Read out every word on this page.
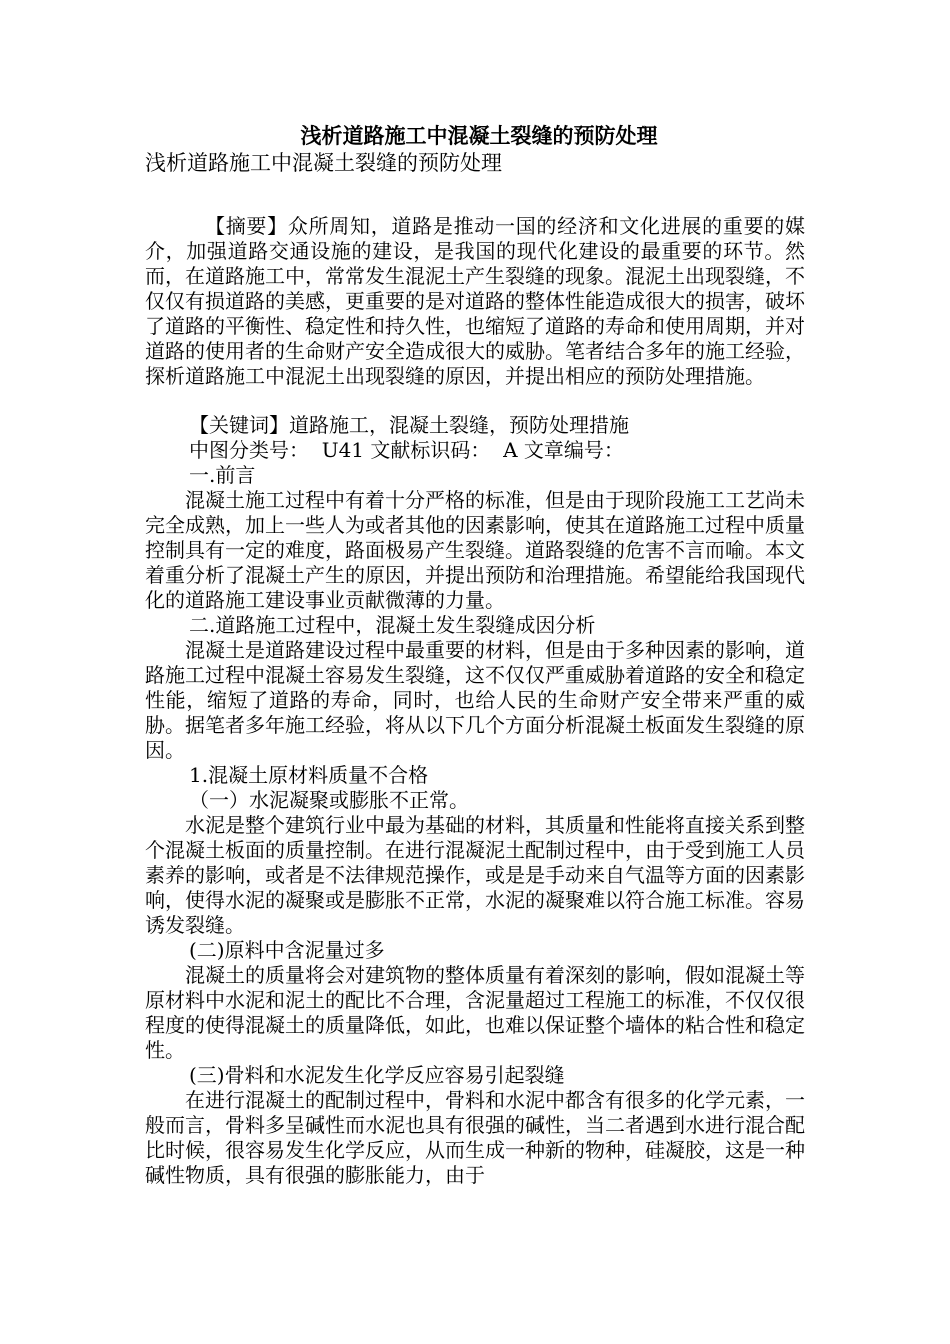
浅析道路施工中混凝土裂缝的预防处理

浅析道路施工中混凝土裂缝的预防处理

【摘要】众所周知，道路是推动一国的经济和文化进展的重要的媒介，加强道路交通设施的建设，是我国的现代化建设的最重要的环节。然而，在道路施工中，常常发生混泥土产生裂缝的现象。混泥土出现裂缝，不仅仅有损道路的美感，更重要的是对道路的整体性能造成很大的损害，破坏了道路的平衡性、稳定性和持久性，也缩短了道路的寿命和使用周期，并对道路的使用者的生命财产安全造成很大的威胁。笔者结合多年的施工经验，探析道路施工中混泥土出现裂缝的原因，并提出相应的预防处理措施。

【关键词】道路施工，混凝土裂缝，预防处理措施

中图分类号：  U41 文献标识码：  A 文章编号：

一.前言

混凝土施工过程中有着十分严格的标准，但是由于现阶段施工工艺尚未完全成熟，加上一些人为或者其他的因素影响，使其在道路施工过程中质量控制具有一定的难度，路面极易产生裂缝。道路裂缝的危害不言而喻。本文着重分析了混凝土产生的原因，并提出预防和治理措施。希望能给我国现代化的道路施工建设事业贡献微薄的力量。

二.道路施工过程中，混凝土发生裂缝成因分析

混凝土是道路建设过程中最重要的材料，但是由于多种因素的影响，道路施工过程中混凝土容易发生裂缝，这不仅仅严重威胁着道路的安全和稳定性能，缩短了道路的寿命，同时，也给人民的生命财产安全带来严重的威胁。据笔者多年施工经验，将从以下几个方面分析混凝土板面发生裂缝的原因。

1.混凝土原材料质量不合格

（一）水泥凝聚或膨胀不正常。

水泥是整个建筑行业中最为基础的材料，其质量和性能将直接关系到整个混凝土板面的质量控制。在进行混凝泥土配制过程中，由于受到施工人员素养的影响，或者是不法律规范操作，或是是手动来自气温等方面的因素影响，使得水泥的凝聚或是膨胀不正常，水泥的凝聚难以符合施工标准。容易诱发裂缝。

(二)原料中含泥量过多

混凝土的质量将会对建筑物的整体质量有着深刻的影响，假如混凝土等原材料中水泥和泥土的配比不合理，含泥量超过工程施工的标准，不仅仅很程度的使得混凝土的质量降低，如此，也难以保证整个墙体的粘合性和稳定性。

(三)骨料和水泥发生化学反应容易引起裂缝

在进行混凝土的配制过程中，骨料和水泥中都含有很多的化学元素，一般而言，骨料多呈碱性而水泥也具有很强的碱性，当二者遇到水进行混合配比时候，很容易发生化学反应，从而生成一种新的物种，硅凝胶，这是一种碱性物质，具有很强的膨胀能力，由于
